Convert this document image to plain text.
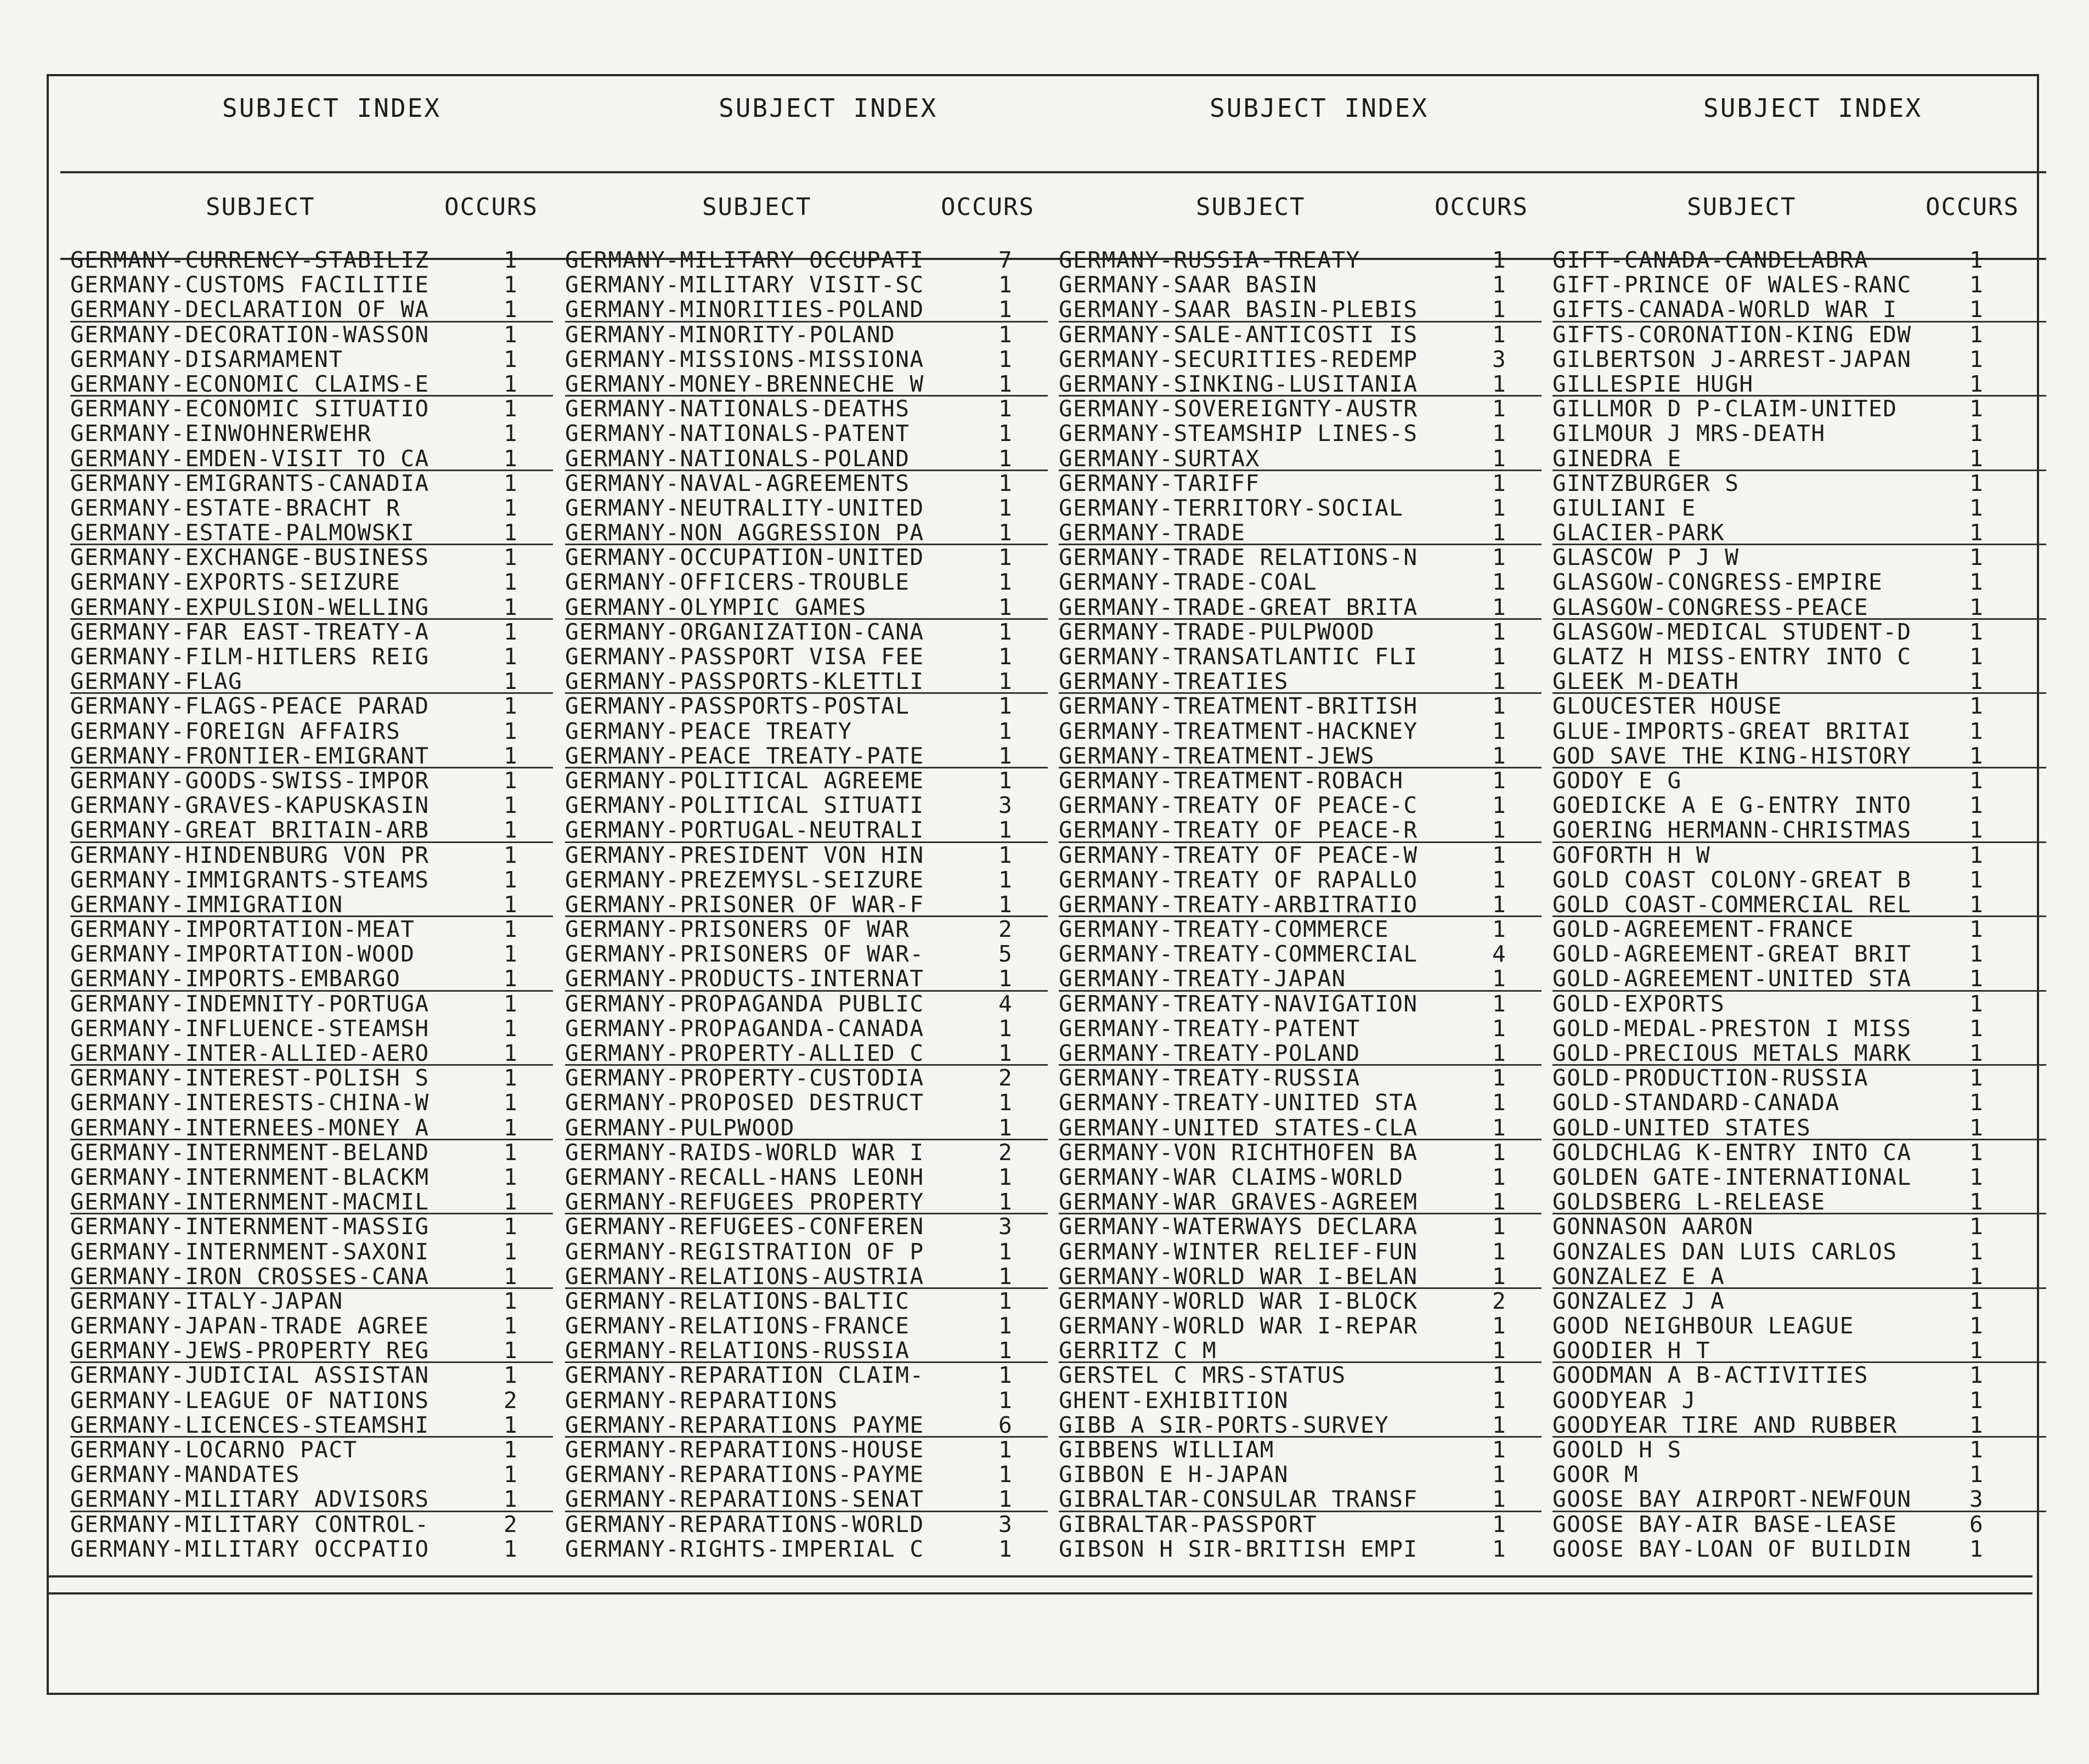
SUBJECT INDEX	SUBJECT INDEX	SUBJECT INDEX	SUBJECT INDEX
SUBJECT	OCCURS	SUBJECT	OCCURS	SUBJECT	OCCURS	SUBJECT	OCCURS
GERMANY-CURRENCY-STABILIZ	1
GERMANY-CUSTOMS FACILITIE	1
GERMANY-DECLARATION OF WA	1
GERMANY-DECORATION-WASSON	1
GERMANY-DISARMAMENT	1
GERMANY-ECONOMIC CLAIMS-E	1
GERMANY-ECONOMIC SITUATIO	1
GERMANY-EINWOHNERWEHR	1
GERMANY-EMDEN-VISIT TO CA	1
GERMANY-EMIGRANTS-CANADIA	1
GERMANY-ESTATE-BRACHT R	1
GERMANY-ESTATE-PALMOWSKI	1
GERMANY-EXCHANGE-BUSINESS	1
GERMANY-EXPORTS-SEIZURE	1
GERMANY-EXPULSION-WELLING	1
GERMANY-FAR EAST-TREATY-A	1
GERMANY-FILM-HITLERS REIG	1
GERMANY-FLAG	1
GERMANY-FLAGS-PEACE PARAD	1
GERMANY-FOREIGN AFFAIRS	1
GERMANY-FRONTIER-EMIGRANT	1
GERMANY-GOODS-SWISS-IMPOR	1
GERMANY-GRAVES-KAPUSKASIN	1
GERMANY-GREAT BRITAIN-ARB	1
GERMANY-HINDENBURG VON PR	1
GERMANY-IMMIGRANTS-STEAMS	1
GERMANY-IMMIGRATION	1
GERMANY-IMPORTATION-MEAT	1
GERMANY-IMPORTATION-WOOD	1
GERMANY-IMPORTS-EMBARGO	1
GERMANY-INDEMNITY-PORTUGA	1
GERMANY-INFLUENCE-STEAMSH	1
GERMANY-INTER-ALLIED-AERO	1
GERMANY-INTEREST-POLISH S	1
GERMANY-INTERESTS-CHINA-W	1
GERMANY-INTERNEES-MONEY A	1
GERMANY-INTERNMENT-BELAND	1
GERMANY-INTERNMENT-BLACKM	1
GERMANY-INTERNMENT-MACMIL	1
GERMANY-INTERNMENT-MASSIG	1
GERMANY-INTERNMENT-SAXONI	1
GERMANY-IRON CROSSES-CANA	1
GERMANY-ITALY-JAPAN	1
GERMANY-JAPAN-TRADE AGREE	1
GERMANY-JEWS-PROPERTY REG	1
GERMANY-JUDICIAL ASSISTAN	1
GERMANY-LEAGUE OF NATIONS	2
GERMANY-LICENCES-STEAMSHI	1
GERMANY-LOCARNO PACT	1
GERMANY-MANDATES	1
GERMANY-MILITARY ADVISORS	1
GERMANY-MILITARY CONTROL-	2
GERMANY-MILITARY OCCPATIO	1
GERMANY-MILITARY OCCUPATI	7
GERMANY-MILITARY VISIT-SC	1
GERMANY-MINORITIES-POLAND	1
GERMANY-MINORITY-POLAND	1
GERMANY-MISSIONS-MISSIONA	1
GERMANY-MONEY-BRENNECHE W	1
GERMANY-NATIONALS-DEATHS	1
GERMANY-NATIONALS-PATENT	1
GERMANY-NATIONALS-POLAND	1
GERMANY-NAVAL-AGREEMENTS	1
GERMANY-NEUTRALITY-UNITED	1
GERMANY-NON AGGRESSION PA	1
GERMANY-OCCUPATION-UNITED	1
GERMANY-OFFICERS-TROUBLE	1
GERMANY-OLYMPIC GAMES	1
GERMANY-ORGANIZATION-CANA	1
GERMANY-PASSPORT VISA FEE	1
GERMANY-PASSPORTS-KLETTLI	1
GERMANY-PASSPORTS-POSTAL	1
GERMANY-PEACE TREATY	1
GERMANY-PEACE TREATY-PATE	1
GERMANY-POLITICAL AGREEME	1
GERMANY-POLITICAL SITUATI	3
GERMANY-PORTUGAL-NEUTRALI	1
GERMANY-PRESIDENT VON HIN	1
GERMANY-PREZEMYSL-SEIZURE	1
GERMANY-PRISONER OF WAR-F	1
GERMANY-PRISONERS OF WAR	2
GERMANY-PRISONERS OF WAR-	5
GERMANY-PRODUCTS-INTERNAT	1
GERMANY-PROPAGANDA PUBLIC	4
GERMANY-PROPAGANDA-CANADA	1
GERMANY-PROPERTY-ALLIED C	1
GERMANY-PROPERTY-CUSTODIA	2
GERMANY-PROPOSED DESTRUCT	1
GERMANY-PULPWOOD	1
GERMANY-RAIDS-WORLD WAR I	2
GERMANY-RECALL-HANS LEONH	1
GERMANY-REFUGEES PROPERTY	1
GERMANY-REFUGEES-CONFEREN	3
GERMANY-REGISTRATION OF P	1
GERMANY-RELATIONS-AUSTRIA	1
GERMANY-RELATIONS-BALTIC	1
GERMANY-RELATIONS-FRANCE	1
GERMANY-RELATIONS-RUSSIA	1
GERMANY-REPARATION CLAIM-	1
GERMANY-REPARATIONS	1
GERMANY-REPARATIONS PAYME	6
GERMANY-REPARATIONS-HOUSE	1
GERMANY-REPARATIONS-PAYME	1
GERMANY-REPARATIONS-SENAT	1
GERMANY-REPARATIONS-WORLD	3
GERMANY-RIGHTS-IMPERIAL C	1
GERMANY-RUSSIA-TREATY	1
GERMANY-SAAR BASIN	1
GERMANY-SAAR BASIN-PLEBIS	1
GERMANY-SALE-ANTICOSTI IS	1
GERMANY-SECURITIES-REDEMP	3
GERMANY-SINKING-LUSITANIA	1
GERMANY-SOVEREIGNTY-AUSTR	1
GERMANY-STEAMSHIP LINES-S	1
GERMANY-SURTAX	1
GERMANY-TARIFF	1
GERMANY-TERRITORY-SOCIAL	1
GERMANY-TRADE	1
GERMANY-TRADE RELATIONS-N	1
GERMANY-TRADE-COAL	1
GERMANY-TRADE-GREAT BRITA	1
GERMANY-TRADE-PULPWOOD	1
GERMANY-TRANSATLANTIC FLI	1
GERMANY-TREATIES	1
GERMANY-TREATMENT-BRITISH	1
GERMANY-TREATMENT-HACKNEY	1
GERMANY-TREATMENT-JEWS	1
GERMANY-TREATMENT-ROBACH	1
GERMANY-TREATY OF PEACE-C	1
GERMANY-TREATY OF PEACE-R	1
GERMANY-TREATY OF PEACE-W	1
GERMANY-TREATY OF RAPALLO	1
GERMANY-TREATY-ARBITRATIO	1
GERMANY-TREATY-COMMERCE	1
GERMANY-TREATY-COMMERCIAL	4
GERMANY-TREATY-JAPAN	1
GERMANY-TREATY-NAVIGATION	1
GERMANY-TREATY-PATENT	1
GERMANY-TREATY-POLAND	1
GERMANY-TREATY-RUSSIA	1
GERMANY-TREATY-UNITED STA	1
GERMANY-UNITED STATES-CLA	1
GERMANY-VON RICHTHOFEN BA	1
GERMANY-WAR CLAIMS-WORLD	1
GERMANY-WAR GRAVES-AGREEM	1
GERMANY-WATERWAYS DECLARA	1
GERMANY-WINTER RELIEF-FUN	1
GERMANY-WORLD WAR I-BELAN	1
GERMANY-WORLD WAR I-BLOCK	2
GERMANY-WORLD WAR I-REPAR	1
GERRITZ C M	1
GERSTEL C MRS-STATUS	1
GHENT-EXHIBITION	1
GIBB A SIR-PORTS-SURVEY	1
GIBBENS WILLIAM	1
GIBBON E H-JAPAN	1
GIBRALTAR-CONSULAR TRANSF	1
GIBRALTAR-PASSPORT	1
GIBSON H SIR-BRITISH EMPI	1
GIFT-CANADA-CANDELABRA	1
GIFT-PRINCE OF WALES-RANC	1
GIFTS-CANADA-WORLD WAR I	1
GIFTS-CORONATION-KING EDW	1
GILBERTSON J-ARREST-JAPAN	1
GILLESPIE HUGH	1
GILLMOR D P-CLAIM-UNITED	1
GILMOUR J MRS-DEATH	1
GINEDRA E	1
GINTZBURGER S	1
GIULIANI E	1
GLACIER-PARK	1
GLASCOW P J W	1
GLASGOW-CONGRESS-EMPIRE	1
GLASGOW-CONGRESS-PEACE	1
GLASGOW-MEDICAL STUDENT-D	1
GLATZ H MISS-ENTRY INTO C	1
GLEEK M-DEATH	1
GLOUCESTER HOUSE	1
GLUE-IMPORTS-GREAT BRITAI	1
GOD SAVE THE KING-HISTORY	1
GODOY E G	1
GOEDICKE A E G-ENTRY INTO	1
GOERING HERMANN-CHRISTMAS	1
GOFORTH H W	1
GOLD COAST COLONY-GREAT B	1
GOLD COAST-COMMERCIAL REL	1
GOLD-AGREEMENT-FRANCE	1
GOLD-AGREEMENT-GREAT BRIT	1
GOLD-AGREEMENT-UNITED STA	1
GOLD-EXPORTS	1
GOLD-MEDAL-PRESTON I MISS	1
GOLD-PRECIOUS METALS MARK	1
GOLD-PRODUCTION-RUSSIA	1
GOLD-STANDARD-CANADA	1
GOLD-UNITED STATES	1
GOLDCHLAG K-ENTRY INTO CA	1
GOLDEN GATE-INTERNATIONAL	1
GOLDSBERG L-RELEASE	1
GONNASON AARON	1
GONZALES DAN LUIS CARLOS	1
GONZALEZ E A	1
GONZALEZ J A	1
GOOD NEIGHBOUR LEAGUE	1
GOODIER H T	1
GOODMAN A B-ACTIVITIES	1
GOODYEAR J	1
GOODYEAR TIRE AND RUBBER	1
GOOLD H S	1
GOOR M	1
GOOSE BAY AIRPORT-NEWFOUN	3
GOOSE BAY-AIR BASE-LEASE	6
GOOSE BAY-LOAN OF BUILDIN	1
